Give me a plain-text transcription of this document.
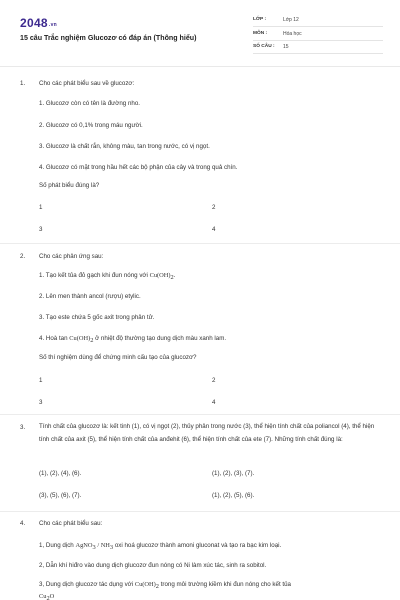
2048.vn
15 câu Trắc nghiệm Glucozơ có đáp án (Thông hiểu)
LỚP :	Lớp 12
MÔN :	Hóa học
SỐ CÂU :	15
1. Cho các phát biểu sau về glucozơ:
1. Glucozơ còn có tên là đường nho.
2. Glucozơ có 0,1% trong máu người.
3. Glucozơ là chất rắn, không màu, tan trong nước, có vị ngọt.
4. Glucozơ có mặt trong hầu hết các bộ phận của cây và trong quả chín.
Số phát biểu đúng là?
1	2
3	4
2. Cho các phản ứng sau:
1. Tạo kết tủa đỏ gạch khi đun nóng với $Cu(OH)_2$.
2. Lên men thành ancol (rượu) etylic.
3. Tạo este chứa 5 gốc axit trong phân tử.
4. Hoà $\tan Cu(OH)_2$ ở nhiệt độ thường tạo dung dịch màu xanh lam.
Số thí nghiệm dùng để chứng minh cấu tạo của glucozơ?
1	2
3	4
3. Tính chất của glucozơ là: kết tinh (1), có vị ngọt (2), thủy phân trong nước (3), thể hiện tính chất của poliancol (4), thể hiện tính chất của axit (5), thể hiện tính chất của anđehit (6), thể hiện tính chất của ete (7). Những tính chất đúng là:
(1), (2), (4), (6).	(1), (2), (3), (7).
(3), (5), (6), (7).	(1), (2), (5), (6).
4. Cho các phát biểu sau:
1, Dung dịch AgNO$_3$ / $NH_3$ oxi hoá glucozơ thành amoni gluconat và tạo ra bạc kim loại.
2, Dẫn khí hiđro vào dung dịch glucozơ đun nóng có Ni làm xúc tác, sinh ra sobitol.
3, Dung dịch glucozơ tác dụng với $Cu(OH)_2$ trong môi trường kiềm khi đun nóng cho kết tủa
$Cu_2O$
